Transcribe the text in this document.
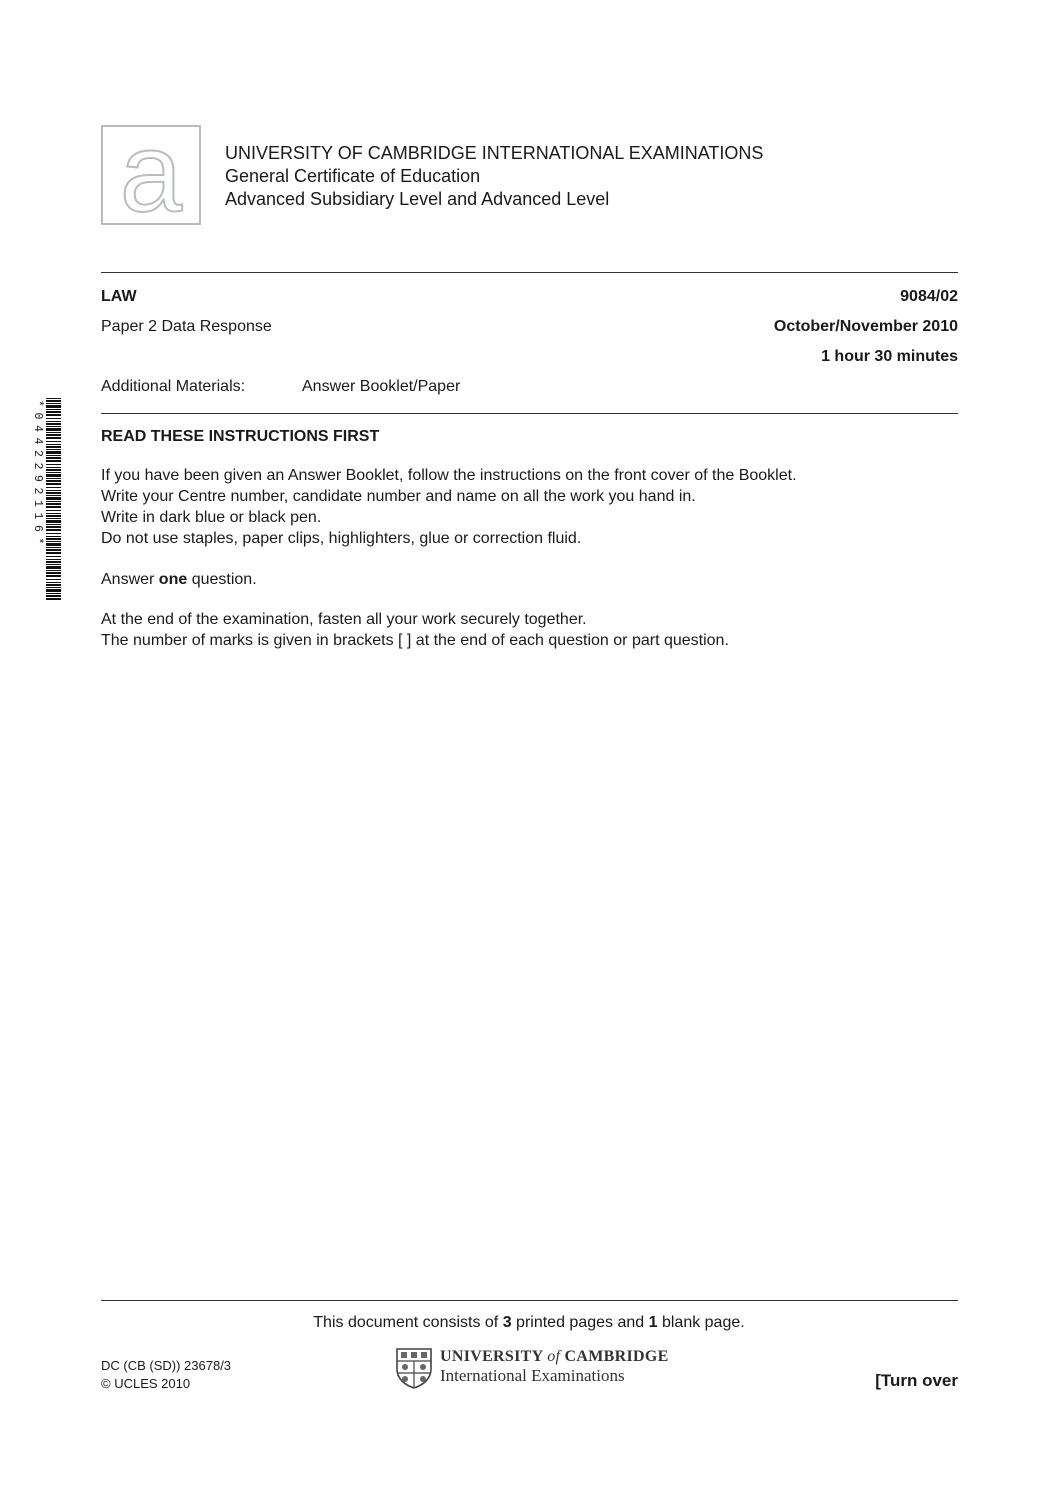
a UNIVERSITY OF CAMBRIDGE INTERNATIONAL EXAMINATIONS
General Certificate of Education
Advanced Subsidiary Level and Advanced Level
LAW	9084/02
Paper 2 Data Response	October/November 2010
1 hour 30 minutes
Additional Materials:	Answer Booklet/Paper
*0442292116*	READ THESE INSTRUCTIONS FIRST

If you have been given an Answer Booklet, follow the instructions on the front cover of the Booklet.

Write your Centre number, candidate number and name on all the work you hand in.

Write in dark blue or black pen.

Do not use staples, paper clips, highlighters, glue or correction fluid.

Answer one question.

At the end of the examination, fasten all your work securely together.

The number of marks is given in brackets [ ] at the end of each question or part question.

This document consists of 3 printed pages and 1 blank page.
DC (CB (SD)) 23678/3
© UCLES 2010
UNIVERSITY of CAMBRIDGE
International Examinations	[Turn over
